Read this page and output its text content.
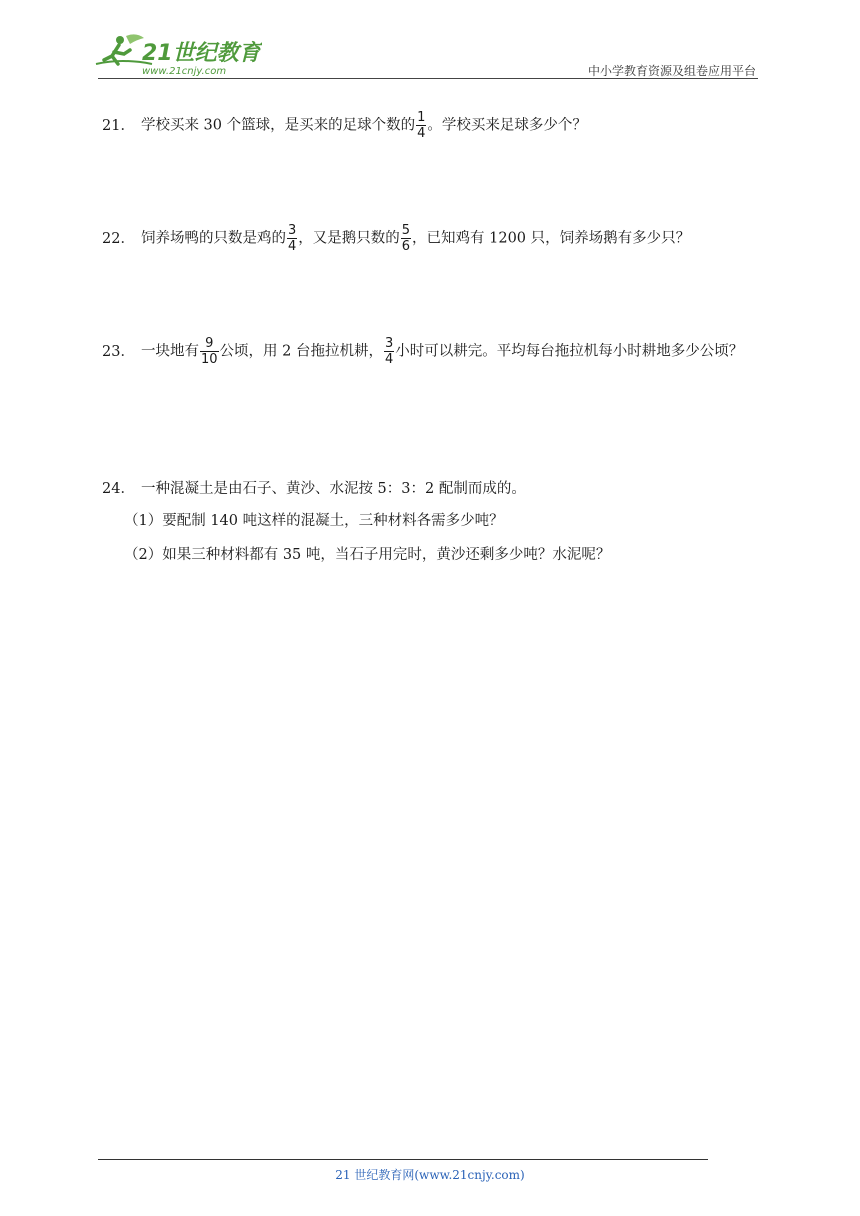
21世纪教育
www.21cnjy.com	中小学教育资源及组卷应用平台
21． 学校买来 30 个篮球，是买来的足球个数的 $\frac{1}{4}$ 。学校买来足球多少个？
22． 饲养场鸭的只数是鸡的 $\frac{3}{4}$ ，又是鹅只数的 $\frac{5}{6}$ ，已知鸡有 1200 只，饲养场鹅有多少只？
23． 一块地有 $\frac{9}{10}$ 公顷，用 2 台拖拉机耕， $\frac{3}{4}$ 小时可以耕完。平均每台拖拉机每小时耕地多少公顷？
24． 一种混凝土是由石子、黄沙、水泥按 5：3：2 配制而成的。
（1）要配制 140 吨这样的混凝土，三种材料各需多少吨？
（2）如果三种材料都有 35 吨，当石子用完时，黄沙还剩多少吨？水泥呢？
21 世纪教育网(www.21cnjy.com)
